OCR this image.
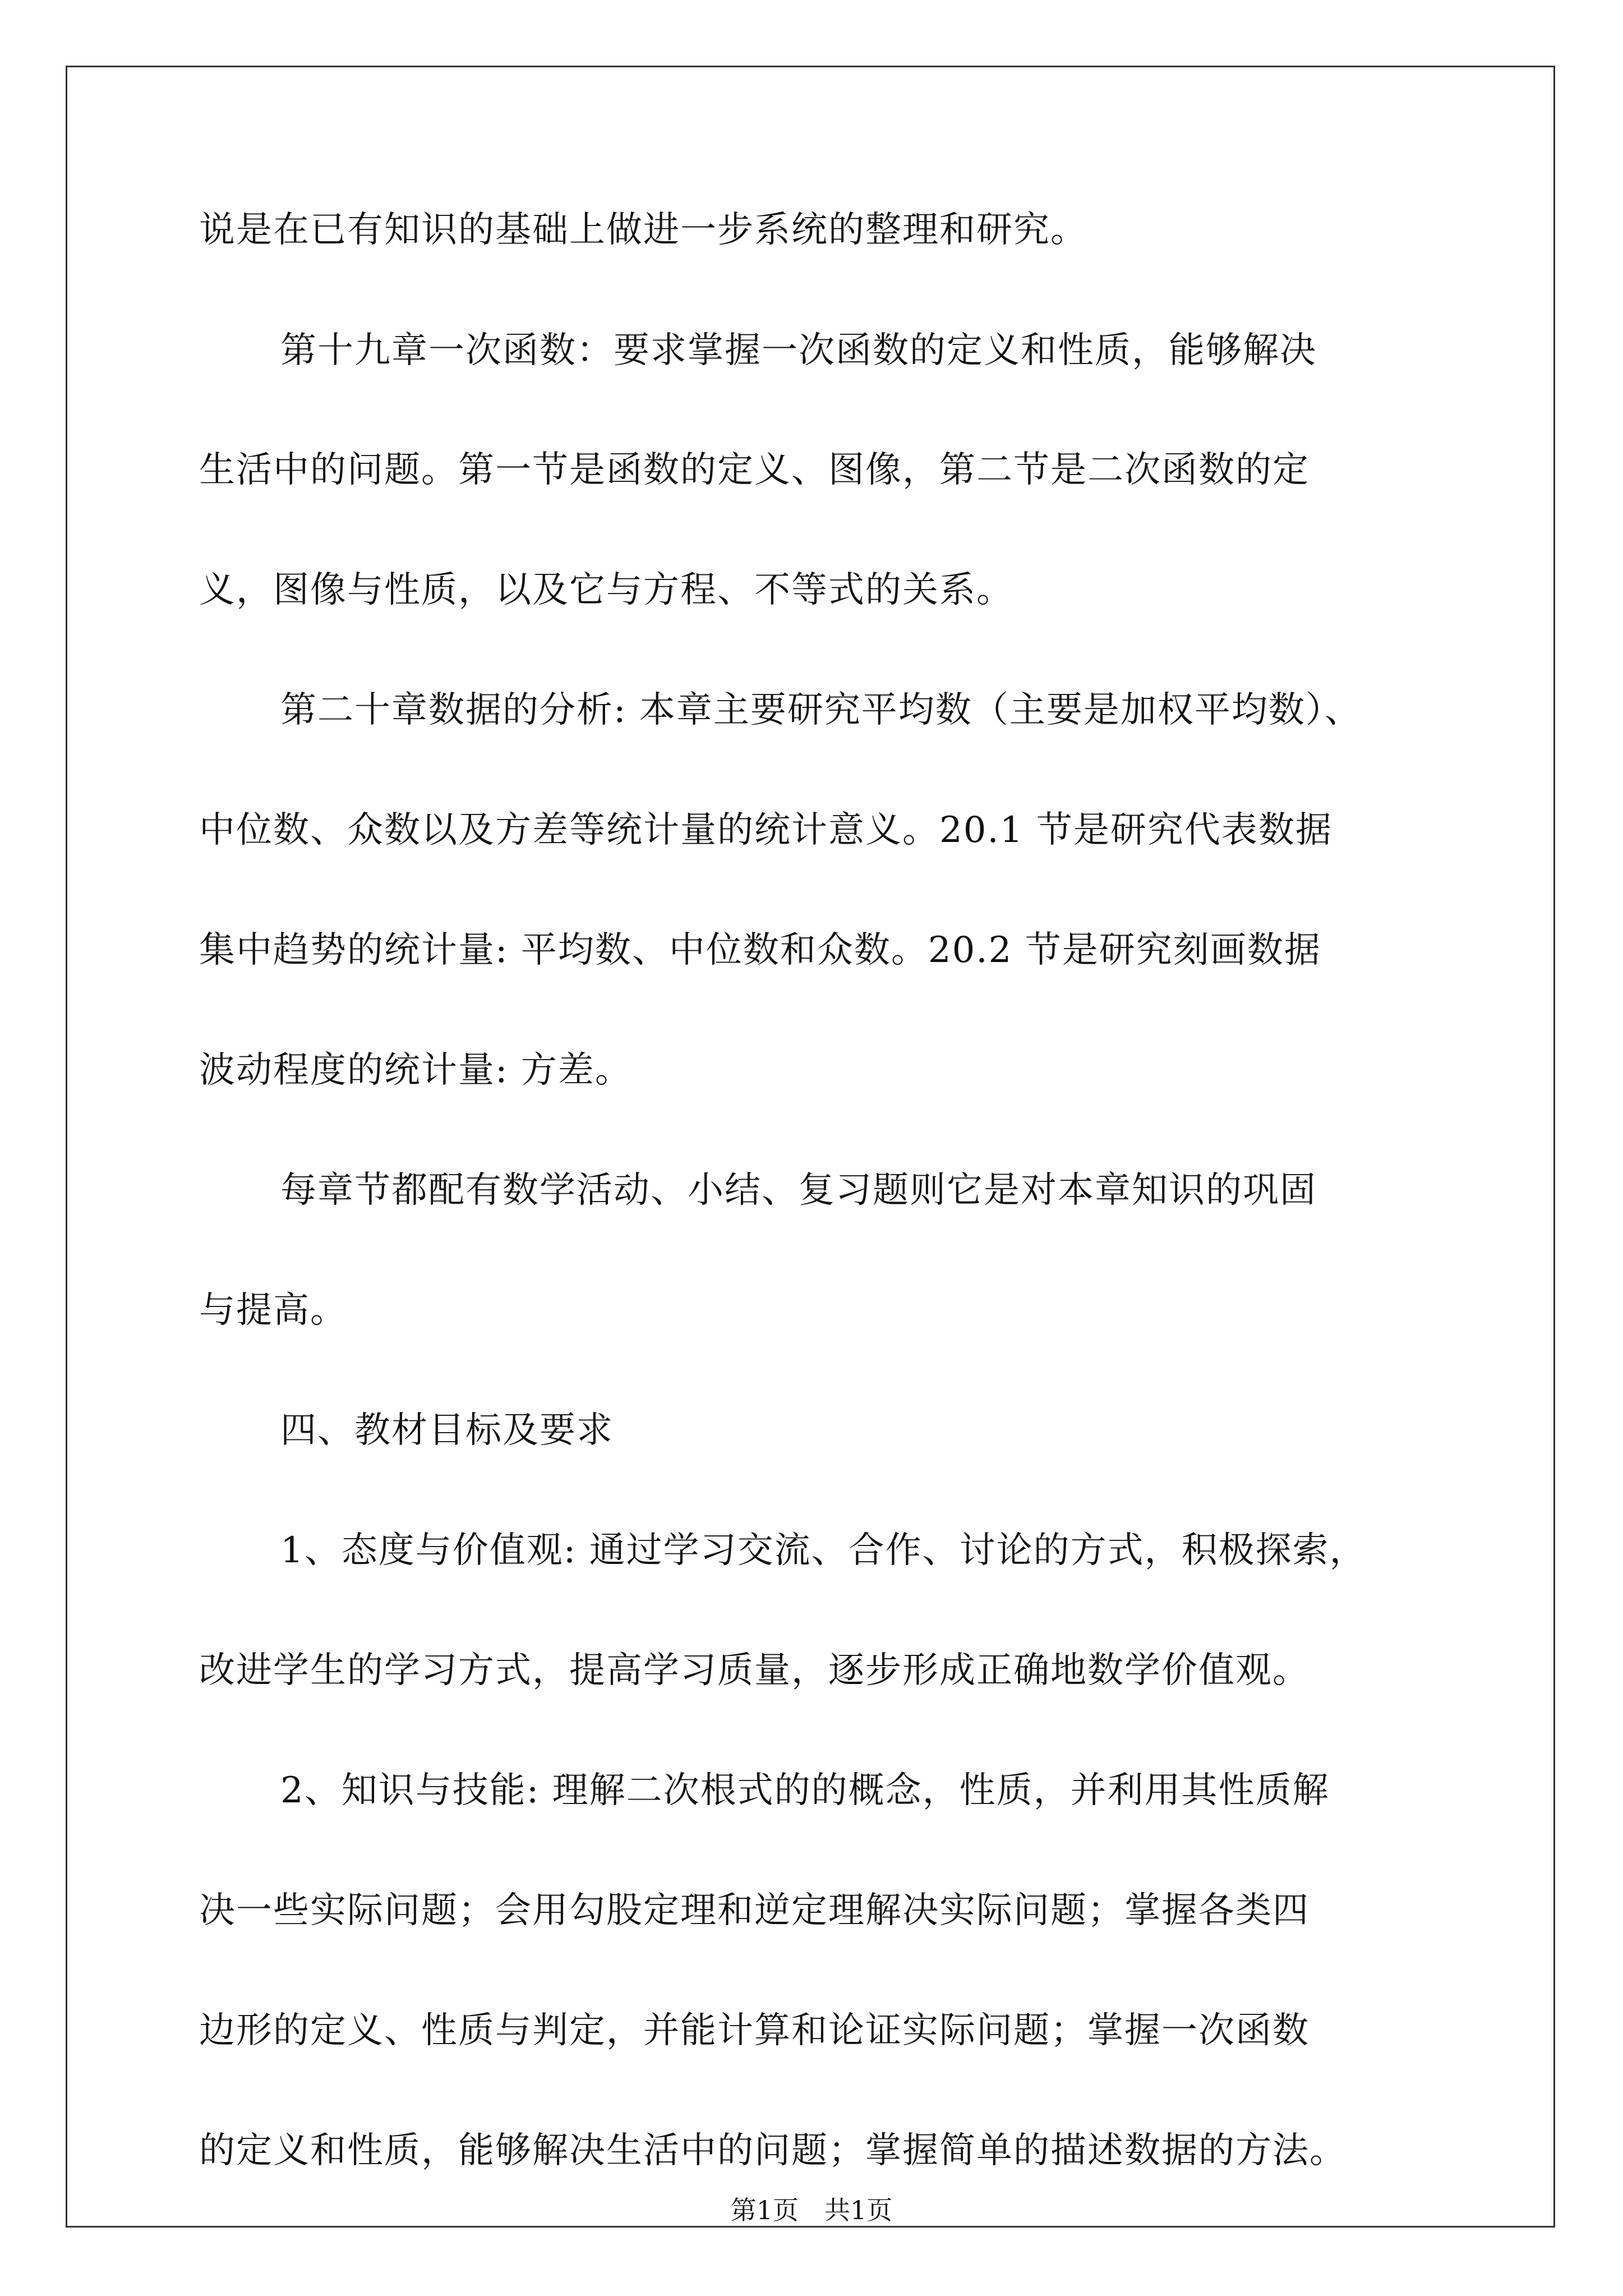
说是在已有知识的基础上做进一步系统的整理和研究。
第十九章一次函数：要求掌握一次函数的定义和性质，能够解决
生活中的问题。第一节是函数的定义、图像，第二节是二次函数的定
义，图像与性质，以及它与方程、不等式的关系。
第二十章数据的分析: 本章主要研究平均数（主要是加权平均数）、
中位数、众数以及方差等统计量的统计意义。20.1 节是研究代表数据
集中趋势的统计量: 平均数、中位数和众数。20.2 节是研究刻画数据
波动程度的统计量: 方差。
每章节都配有数学活动、小结、复习题则它是对本章知识的巩固
与提高。
四、教材目标及要求
1、态度与价值观: 通过学习交流、合作、讨论的方式，积极探索，
改进学生的学习方式，提高学习质量，逐步形成正确地数学价值观。
2、知识与技能: 理解二次根式的的概念，性质，并利用其性质解
决一些实际问题；会用勾股定理和逆定理解决实际问题；掌握各类四
边形的定义、性质与判定，并能计算和论证实际问题；掌握一次函数
的定义和性质，能够解决生活中的问题；掌握简单的描述数据的方法。
第1页　共1页
